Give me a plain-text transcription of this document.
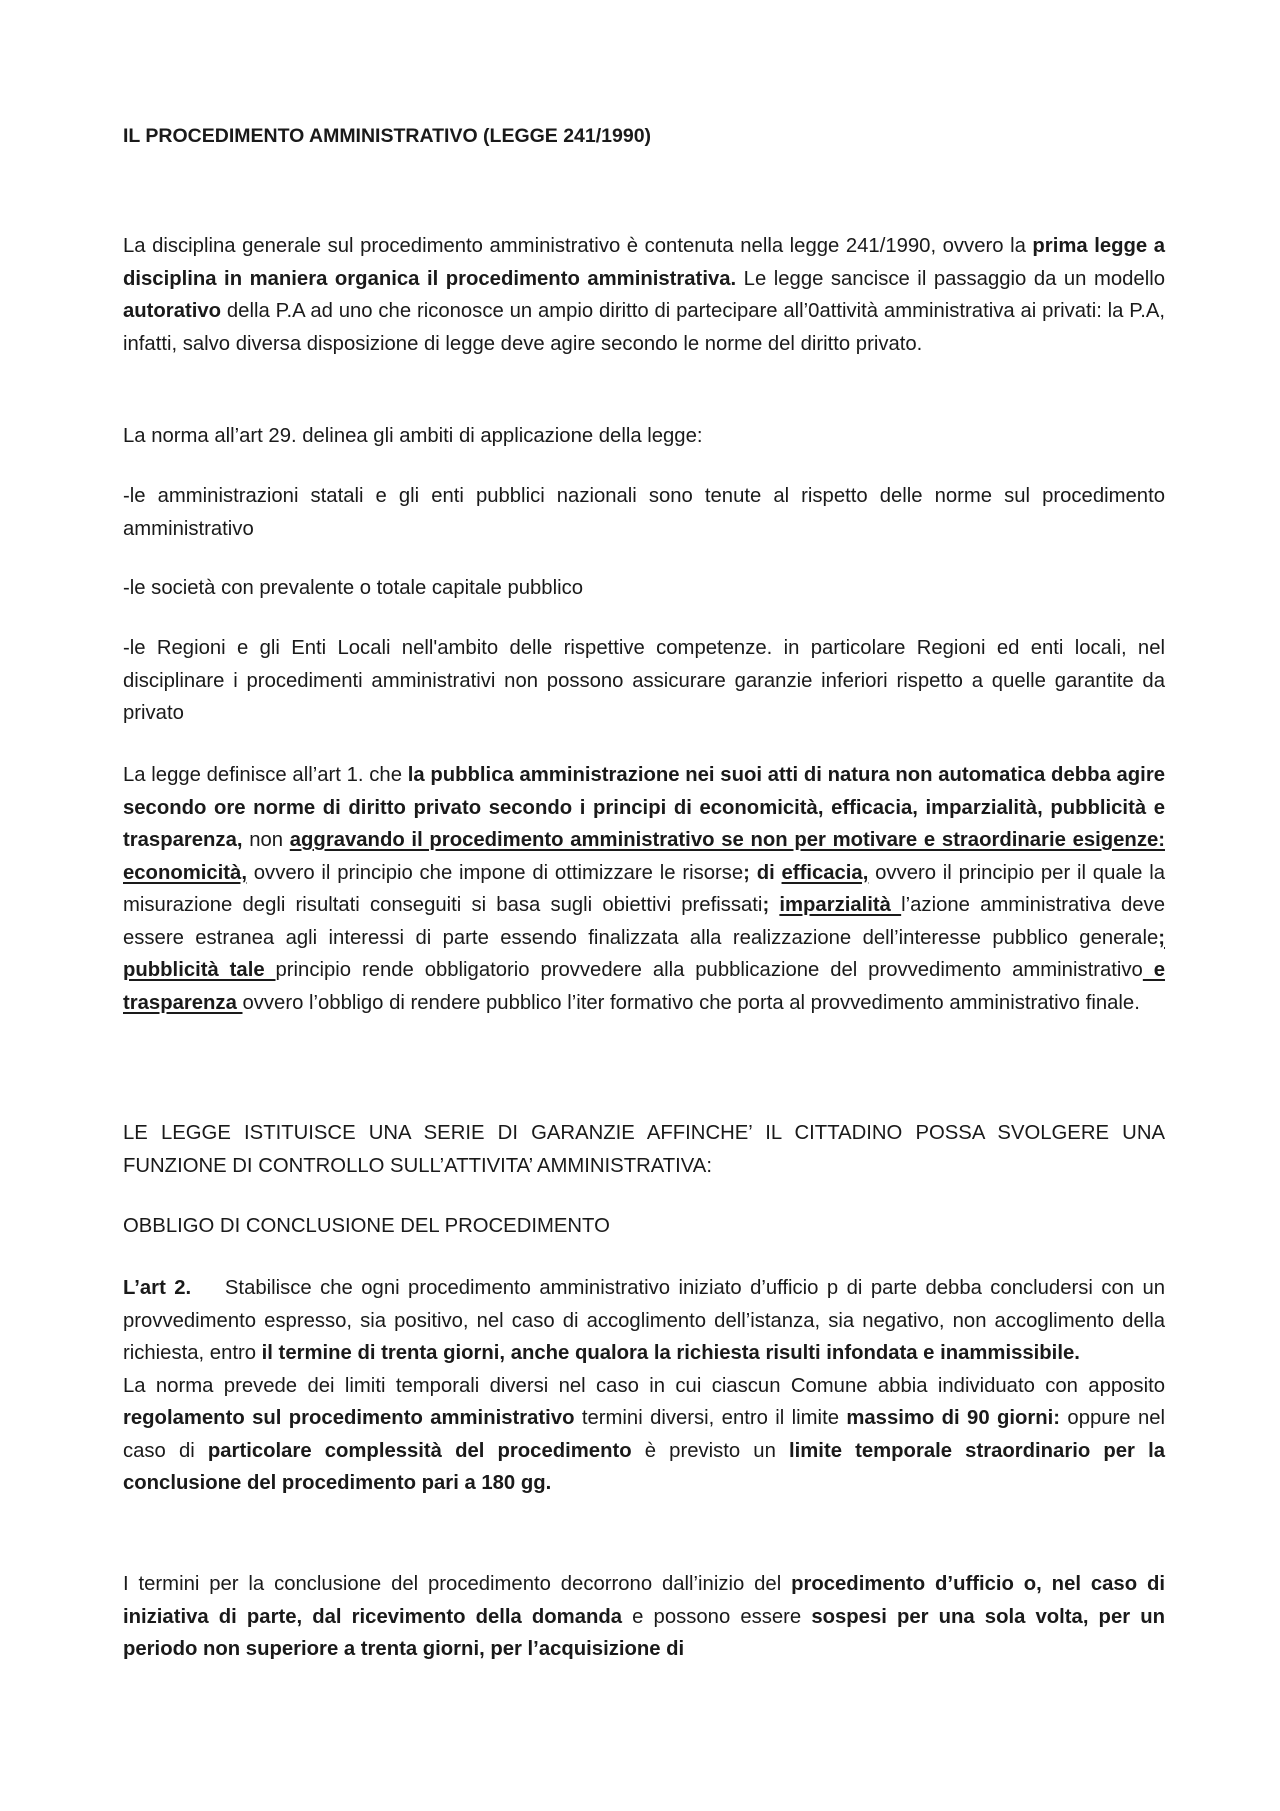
IL PROCEDIMENTO AMMINISTRATIVO (LEGGE 241/1990)
La disciplina generale sul procedimento amministrativo è contenuta nella legge 241/1990, ovvero la prima legge a disciplina in maniera organica il procedimento amministrativa. Le legge sancisce il passaggio da un modello autorativo della P.A ad uno che riconosce un ampio diritto di partecipare all’0attività amministrativa ai privati: la P.A, infatti, salvo diversa disposizione di legge deve agire secondo le norme del diritto privato.
La norma all’art 29. delinea gli ambiti di applicazione della legge:
-le amministrazioni statali e gli enti pubblici nazionali sono tenute al rispetto delle norme sul procedimento amministrativo
-le società con prevalente o totale capitale pubblico
-le Regioni e gli Enti Locali nell'ambito delle rispettive competenze. in particolare Regioni ed enti locali, nel disciplinare i procedimenti amministrativi non possono assicurare garanzie inferiori rispetto a quelle garantite da privato
La legge definisce all’art 1. che la pubblica amministrazione nei suoi atti di natura non automatica debba agire secondo ore norme di diritto privato secondo i principi di economicità, efficacia, imparzialità, pubblicità e trasparenza, non aggravando il procedimento amministrativo se non per motivare e straordinarie esigenze: economicità, ovvero il principio che impone di ottimizzare le risorse; di efficacia, ovvero il principio per il quale la misurazione degli risultati conseguiti si basa sugli obiettivi prefissati; imparzialità l’azione amministrativa deve essere estranea agli interessi di parte essendo finalizzata alla realizzazione dell’interesse pubblico generale; pubblicità tale principio rende obbligatorio provvedere alla pubblicazione del provvedimento amministrativo e trasparenza ovvero l’obbligo di rendere pubblico l’iter formativo che porta al provvedimento amministrativo finale.
LE LEGGE ISTITUISCE UNA SERIE DI GARANZIE AFFINCHE’ IL CITTADINO POSSA SVOLGERE UNA FUNZIONE DI CONTROLLO SULL’ATTIVITA’ AMMINISTRATIVA:
OBBLIGO DI CONCLUSIONE DEL PROCEDIMENTO
L’art 2.    Stabilisce che ogni procedimento amministrativo iniziato d’ufficio p di parte debba concludersi con un provvedimento espresso, sia positivo, nel caso di accoglimento dell’istanza, sia negativo, non accoglimento della richiesta, entro il termine di trenta giorni, anche qualora la richiesta risulti infondata e inammissibile.
La norma prevede dei limiti temporali diversi nel caso in cui ciascun Comune abbia individuato con apposito regolamento sul procedimento amministrativo termini diversi, entro il limite massimo di 90 giorni: oppure nel caso di particolare complessità del procedimento è previsto un limite temporale straordinario per la conclusione del procedimento pari a 180 gg.
I termini per la conclusione del procedimento decorrono dall’inizio del procedimento d’ufficio o, nel caso di iniziativa di parte, dal ricevimento della domanda e possono essere sospesi per una sola volta, per un periodo non superiore a trenta giorni, per l’acquisizione di
